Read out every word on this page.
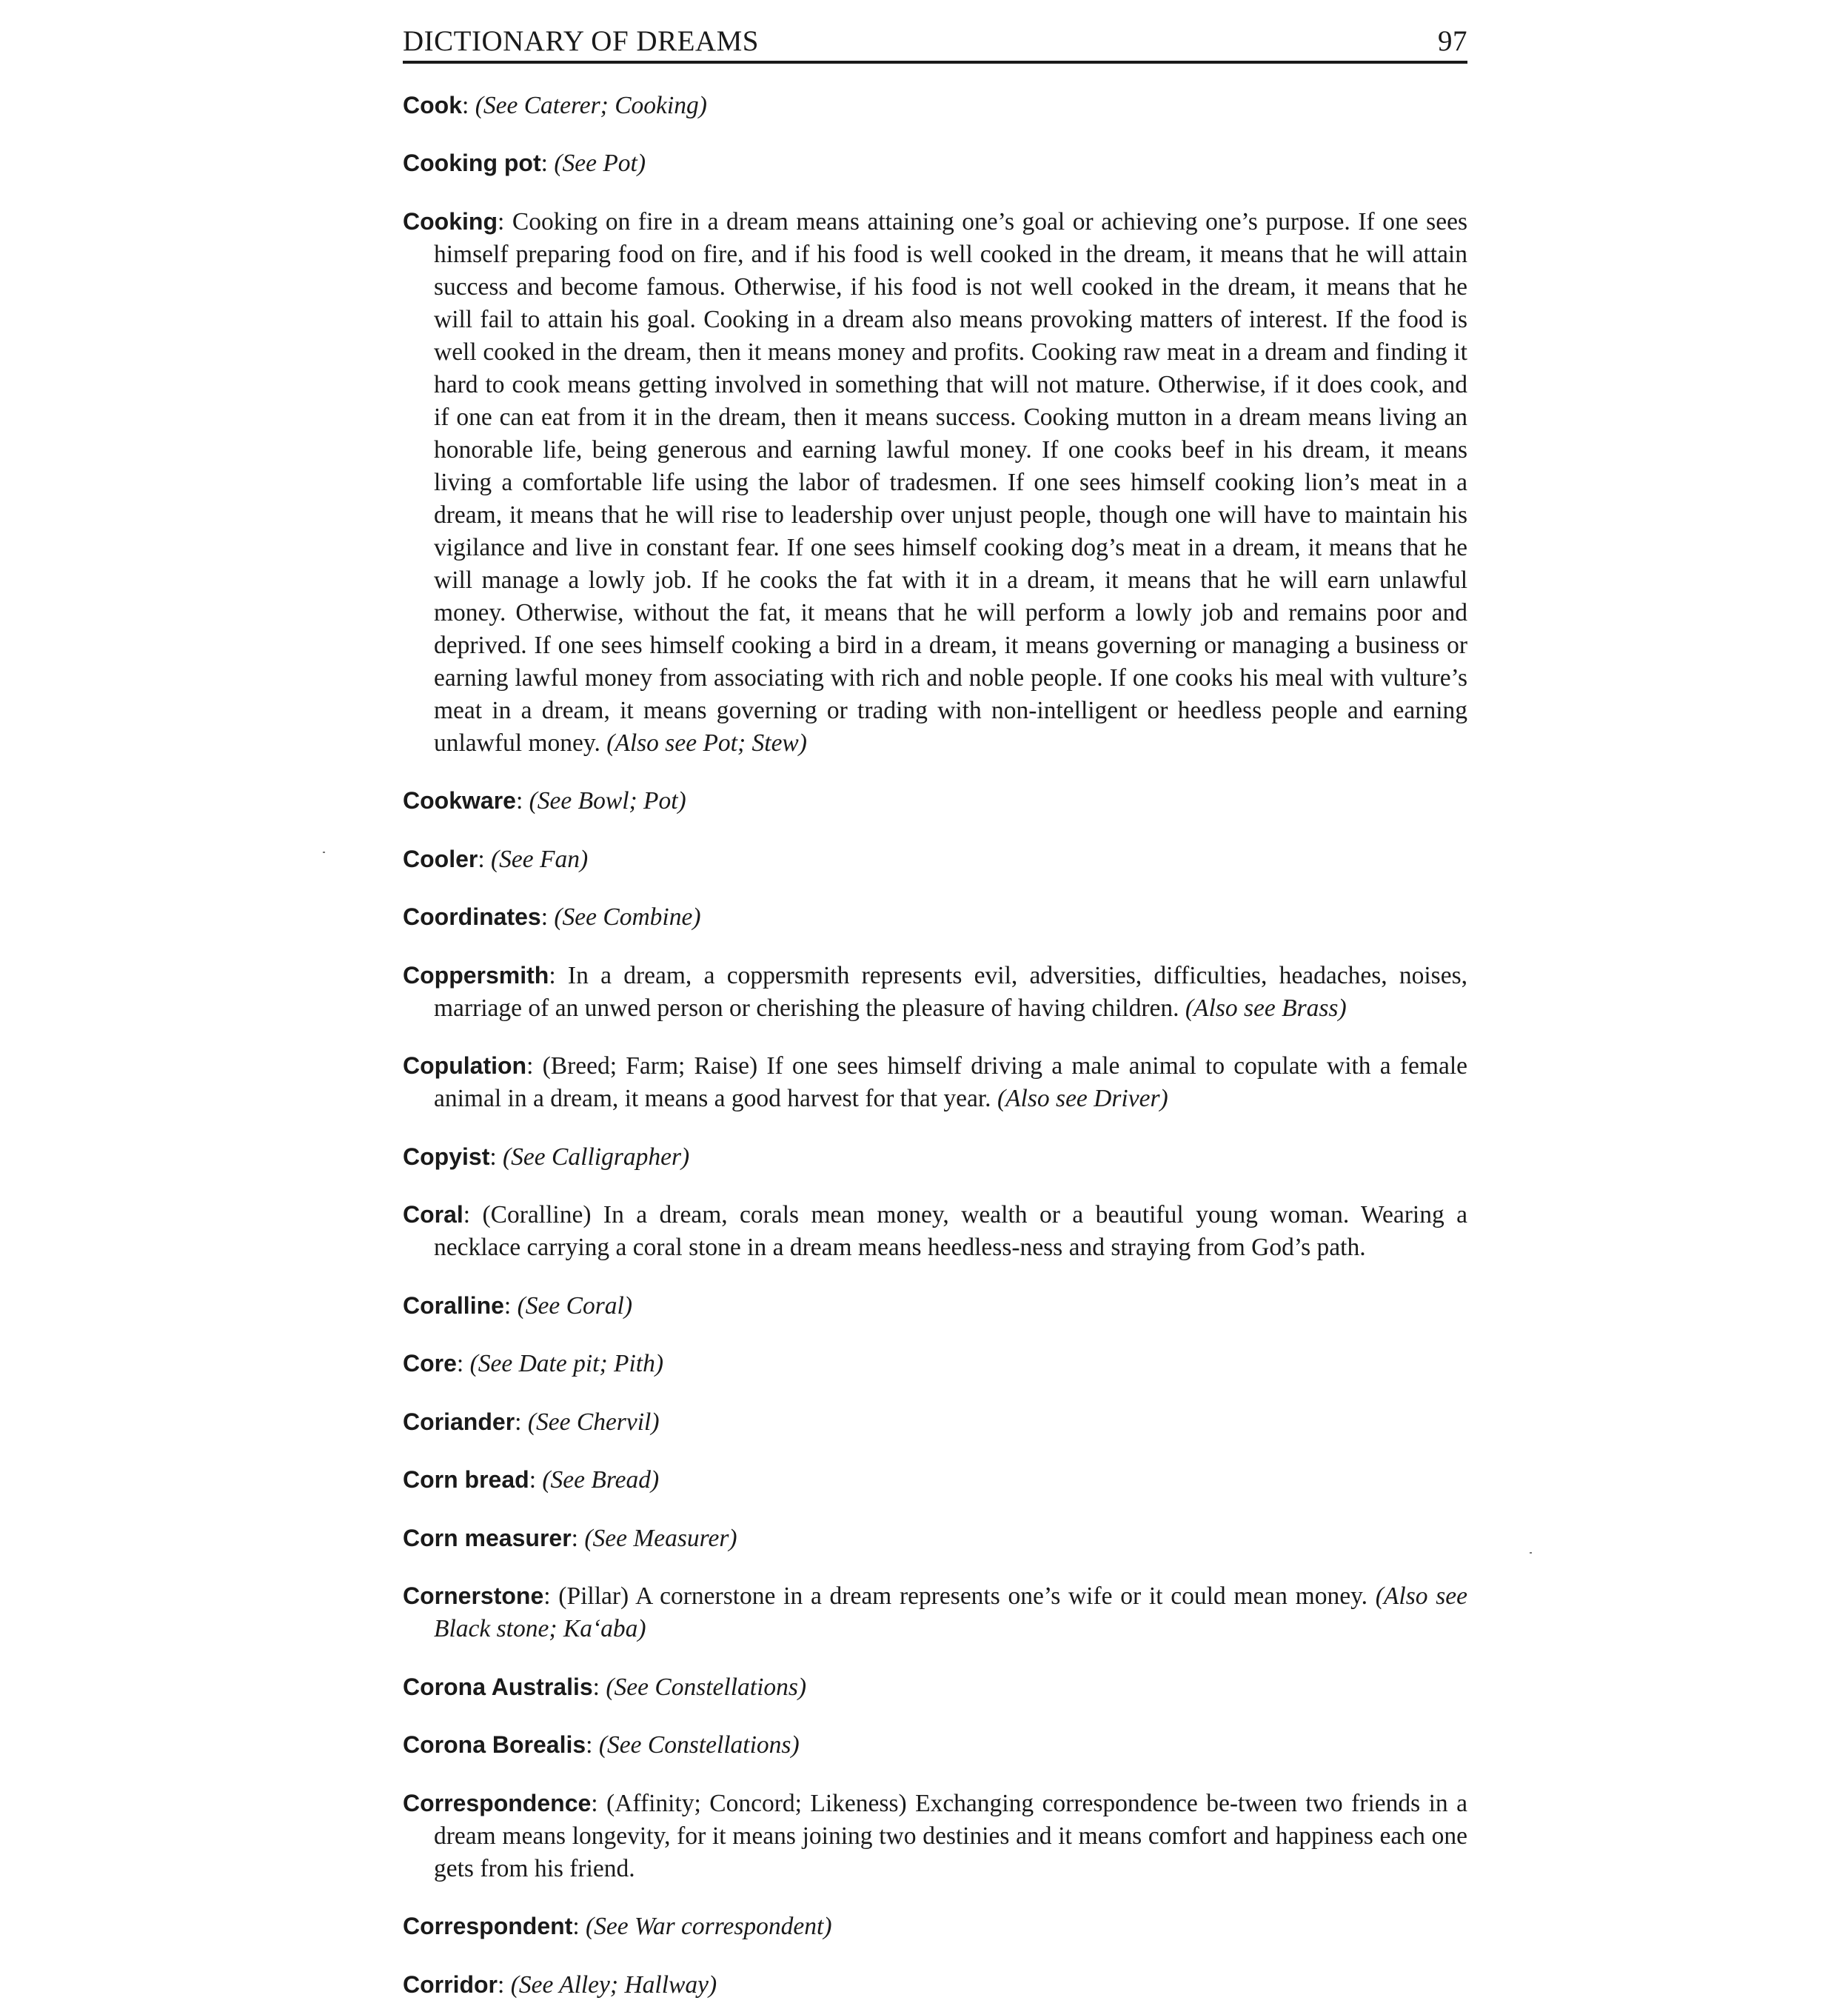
DICTIONARY OF DREAMS	97

Cook: (See Caterer; Cooking)

Cooking pot: (See Pot)

Cooking: Cooking on fire in a dream means attaining one’s goal or achieving one’s purpose. If one sees himself preparing food on fire, and if his food is well cooked in the dream, it means that he will attain success and become famous. Otherwise, if his food is not well cooked in the dream, it means that he will fail to attain his goal. Cooking in a dream also means provoking matters of interest. If the food is well cooked in the dream, then it means money and profits. Cooking raw meat in a dream and finding it hard to cook means getting involved in something that will not mature. Otherwise, if it does cook, and if one can eat from it in the dream, then it means success. Cooking mutton in a dream means living an honorable life, being generous and earning lawful money. If one cooks beef in his dream, it means living a comfortable life using the labor of tradesmen. If one sees himself cooking lion’s meat in a dream, it means that he will rise to leadership over unjust people, though one will have to maintain his vigilance and live in constant fear. If one sees himself cooking dog’s meat in a dream, it means that he will manage a lowly job. If he cooks the fat with it in a dream, it means that he will earn unlawful money. Otherwise, without the fat, it means that he will perform a lowly job and remains poor and deprived. If one sees himself cooking a bird in a dream, it means governing or managing a business or earning lawful money from associating with rich and noble people. If one cooks his meal with vulture’s meat in a dream, it means governing or trading with non-intelligent or heedless people and earning unlawful money. (Also see Pot; Stew)

Cookware: (See Bowl; Pot)

Cooler: (See Fan)

Coordinates: (See Combine)

Coppersmith: In a dream, a coppersmith represents evil, adversities, difficulties, headaches, noises, marriage of an unwed person or cherishing the pleasure of having children. (Also see Brass)

Copulation: (Breed; Farm; Raise) If one sees himself driving a male animal to copulate with a female animal in a dream, it means a good harvest for that year. (Also see Driver)

Copyist: (See Calligrapher)

Coral: (Coralline) In a dream, corals mean money, wealth or a beautiful young woman. Wearing a necklace carrying a coral stone in a dream means heedless-ness and straying from God’s path.

Coralline: (See Coral)

Core: (See Date pit; Pith)

Coriander: (See Chervil)

Corn bread: (See Bread)

Corn measurer: (See Measurer)

Cornerstone: (Pillar) A cornerstone in a dream represents one’s wife or it could mean money. (Also see Black stone; Ka‘aba)

Corona Australis: (See Constellations)

Corona Borealis: (See Constellations)

Correspondence: (Affinity; Concord; Likeness) Exchanging correspondence be-tween two friends in a dream means longevity, for it means joining two destinies and it means comfort and happiness each one gets from his friend.

Correspondent: (See War correspondent)

Corridor: (See Alley; Hallway)
